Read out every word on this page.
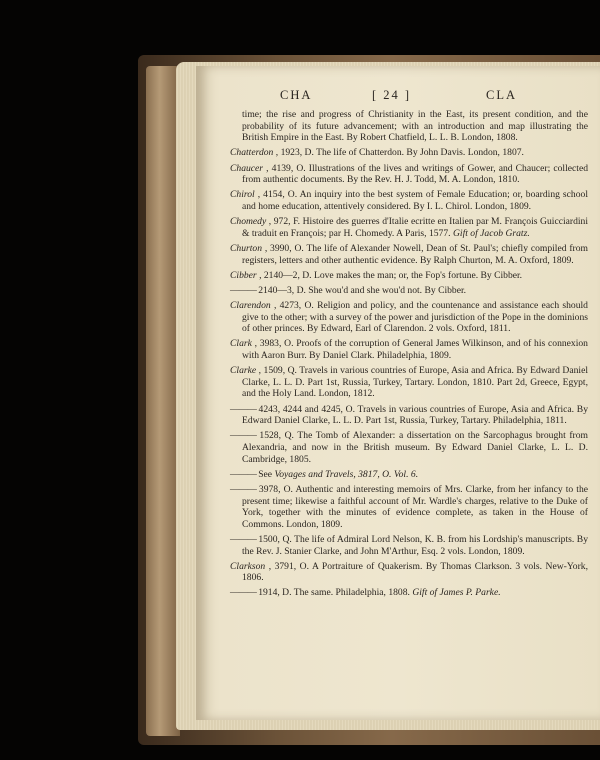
CHA	[ 24 ]	CLA

time; the rise and progress of Christianity in the East, its present condition, and the probability of its future advancement; with an introduction and map illustrating the British Empire in the East. By Robert Chatfield, L. L. B. London, 1808.

Chatterdon , 1923, D. The life of Chatterdon. By John Davis. London, 1807.

Chaucer , 4139, O. Illustrations of the lives and writings of Gower, and Chaucer; collected from authentic documents. By the Rev. H. J. Todd, M. A. London, 1810.

Chirol , 4154, O. An inquiry into the best system of Female Education; or, boarding school and home education, attentively considered. By I. L. Chirol. London, 1809.

Chomedy , 972, F. Histoire des guerres d'Italie ecritte en Italien par M. François Guicciardini & traduit en François; par H. Chomedy. A Paris, 1577. Gift of Jacob Gratz.

Churton , 3990, O. The life of Alexander Nowell, Dean of St. Paul's; chiefly compiled from registers, letters and other authentic evidence. By Ralph Churton, M. A. Oxford, 1809.

Cibber , 2140—2, D. Love makes the man; or, the Fop's fortune. By Cibber.

——— 2140—3, D. She wou'd and she wou'd not. By Cibber.

Clarendon , 4273, O. Religion and policy, and the countenance and assistance each should give to the other; with a survey of the power and jurisdiction of the Pope in the dominions of other princes. By Edward, Earl of Clarendon. 2 vols. Oxford, 1811.

Clark , 3983, O. Proofs of the corruption of General James Wilkinson, and of his connexion with Aaron Burr. By Daniel Clark. Philadelphia, 1809.

Clarke , 1509, Q. Travels in various countries of Europe, Asia and Africa. By Edward Daniel Clarke, L. L. D. Part 1st, Russia, Turkey, Tartary. London, 1810. Part 2d, Greece, Egypt, and the Holy Land. London, 1812.

——— 4243, 4244 and 4245, O. Travels in various countries of Europe, Asia and Africa. By Edward Daniel Clarke, L. L. D. Part 1st, Russia, Turkey, Tartary. Philadelphia, 1811.

——— 1528, Q. The Tomb of Alexander: a dissertation on the Sarcophagus brought from Alexandria, and now in the British museum. By Edward Daniel Clarke, L. L. D. Cambridge, 1805.

——— See Voyages and Travels, 3817, O. Vol. 6.

——— 3978, O. Authentic and interesting memoirs of Mrs. Clarke, from her infancy to the present time; likewise a faithful account of Mr. Wardle's charges, relative to the Duke of York, together with the minutes of evidence complete, as taken in the House of Commons. London, 1809.

——— 1500, Q. The life of Admiral Lord Nelson, K. B. from his Lordship's manuscripts. By the Rev. J. Stanier Clarke, and John M'Arthur, Esq. 2 vols. London, 1809.

Clarkson , 3791, O. A Portraiture of Quakerism. By Thomas Clarkson. 3 vols. New-York, 1806.

——— 1914, D. The same. Philadelphia, 1808. Gift of James P. Parke.
